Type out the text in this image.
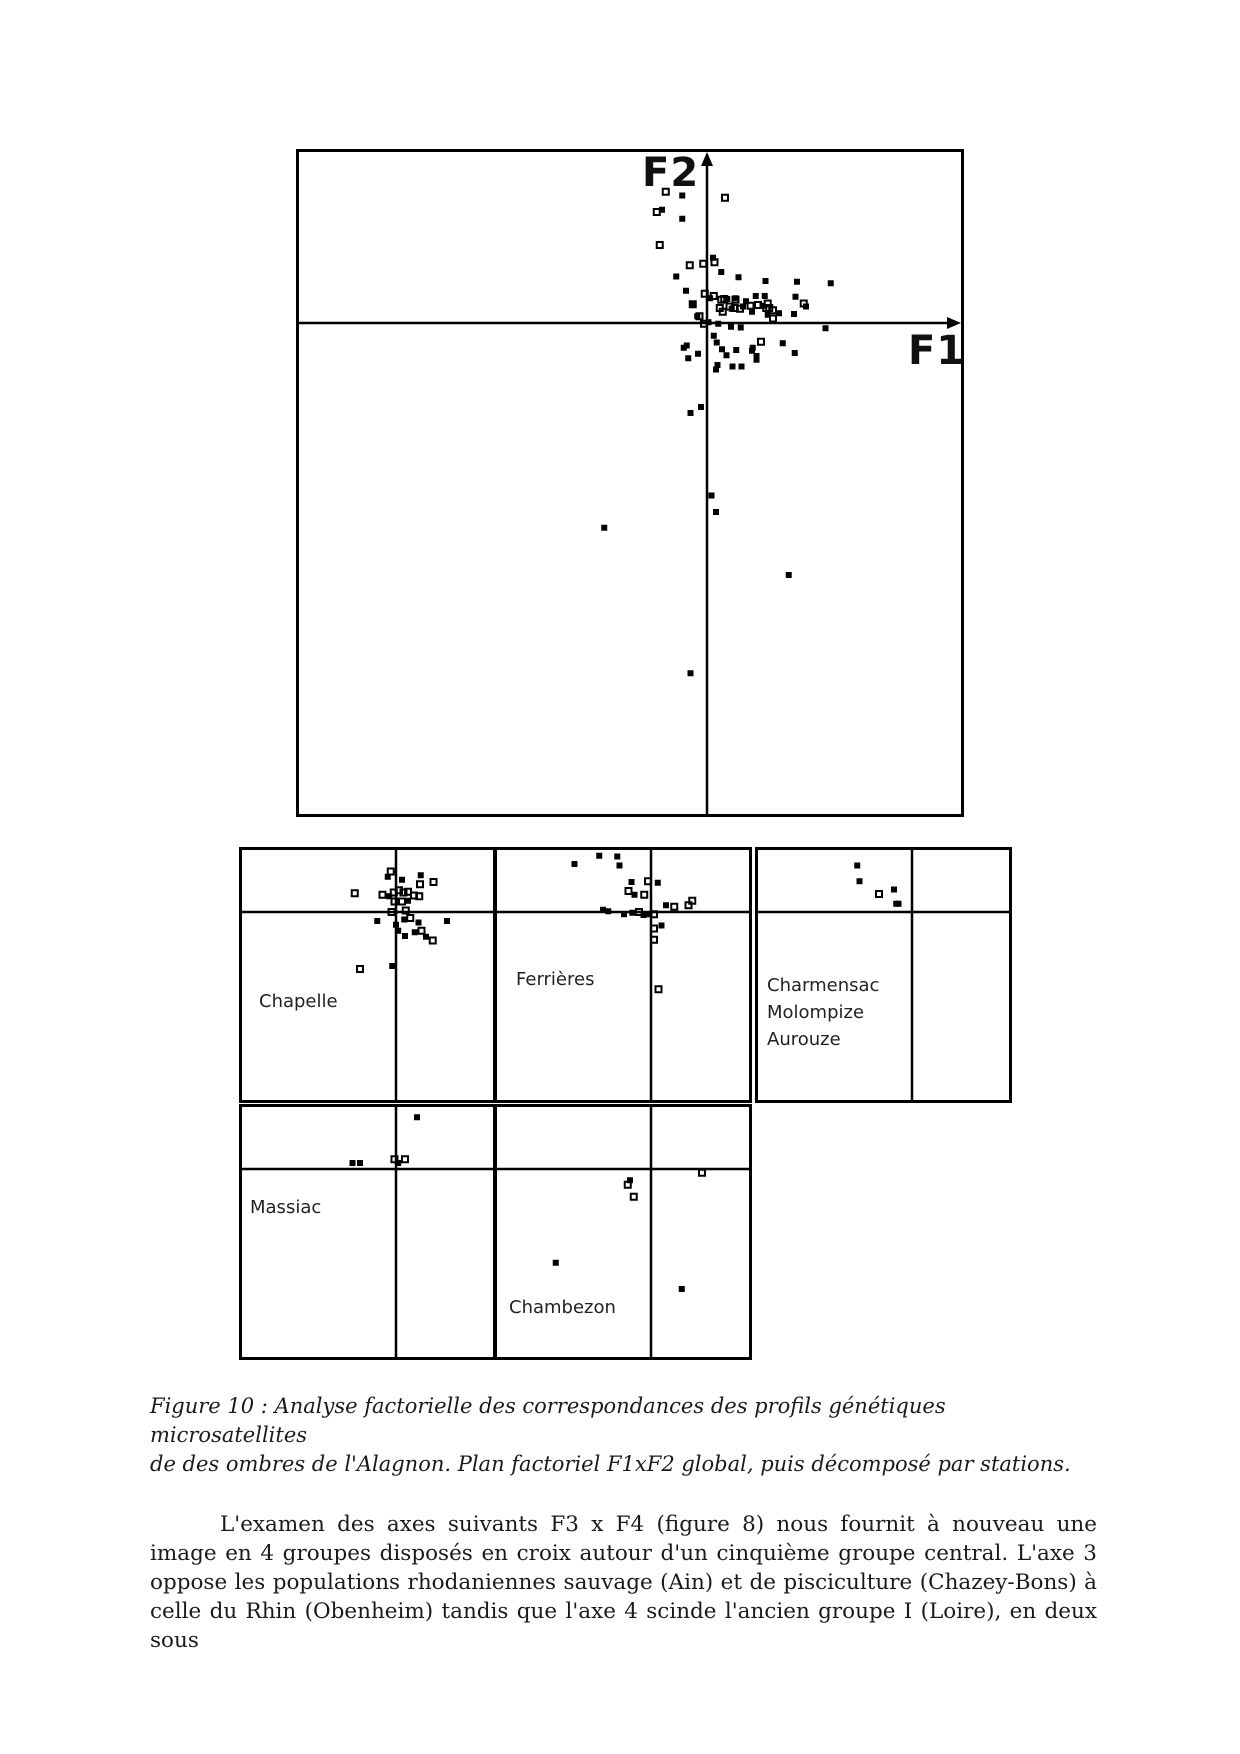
F2
F1
Chapelle
Ferrières	Charmensac
Molompize
Aurouze
Massiac
Chambezon
Figure 10 : Analyse factorielle des correspondances des profils génétiques microsatellites
de des ombres de l'Alagnon. Plan factoriel F1xF2 global, puis décomposé par stations.

L'examen des axes suivants F3 x F4 (figure 8) nous fournit à nouveau une image en 4 groupes disposés en croix autour d'un cinquième groupe central. L'axe 3 oppose les populations rhodaniennes sauvage (Ain) et de pisciculture (Chazey-Bons) à celle du Rhin (Obenheim) tandis que l'axe 4 scinde l'ancien groupe I (Loire), en deux sous
